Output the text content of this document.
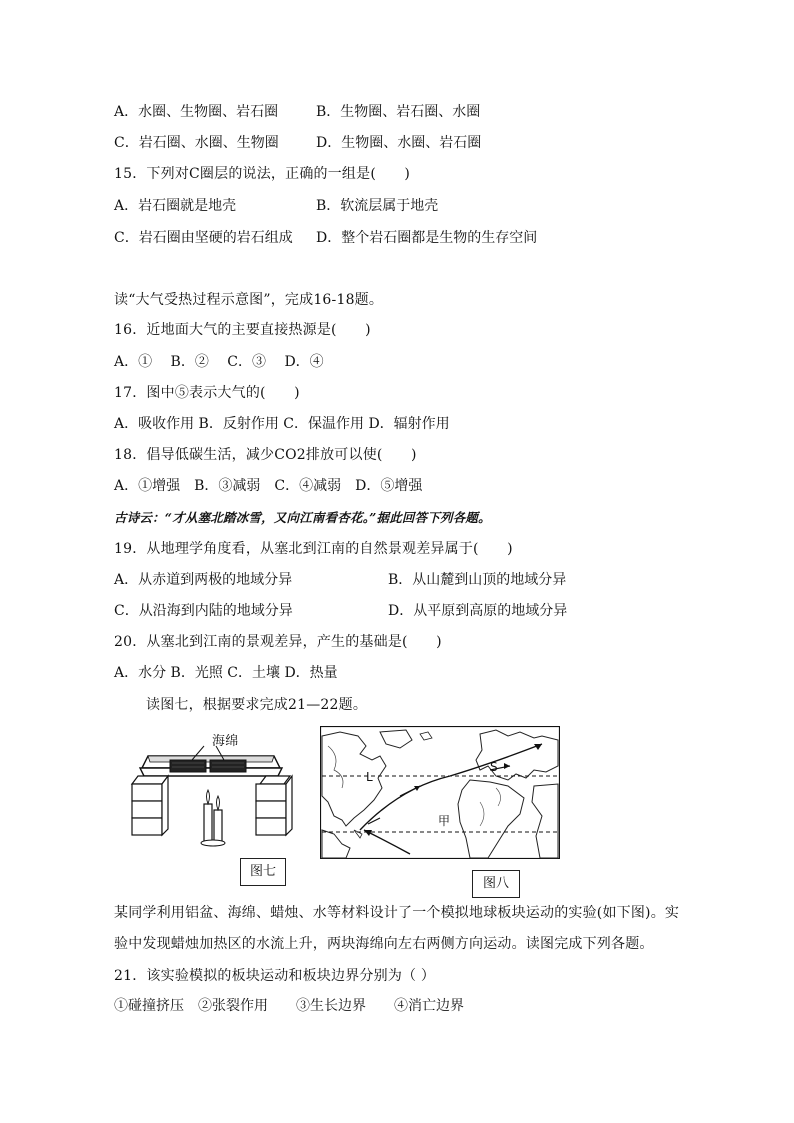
A．水圈、生物圈、岩石圈	B．生物圈、岩石圈、水圈
C．岩石圈、水圈、生物圈	D．生物圈、水圈、岩石圈
15．下列对C圈层的说法，正确的一组是(　　)
A．岩石圈就是地壳	B．软流层属于地壳
C．岩石圈由坚硬的岩石组成 D．整个岩石圈都是生物的生存空间
读“大气受热过程示意图”，完成16-18题。
16．近地面大气的主要直接热源是(　　)
A．①　 B．②　 C．③　 D．④
17．图中⑤表示大气的(　　)
A．吸收作用 B．反射作用 C．保温作用 D．辐射作用
18．倡导低碳生活，减少CO2排放可以使(　　)
A．①增强　B．③减弱　C．④减弱　D．⑤增强
古诗云：“才从塞北踏冰雪，又向江南看杏花。”据此回答下列各题。
19．从地理学角度看，从塞北到江南的自然景观差异属于(　　)
A．从赤道到两极的地域分异	B．从山麓到山顶的地域分异
C．从沿海到内陆的地域分异	D．从平原到高原的地域分异
20．从塞北到江南的景观差异，产生的基础是(　　)
A．水分 B．光照 C．土壤 D．热量
读图七，根据要求完成21—22题。
海绵
图七
L
S
甲
图八
某同学利用铝盆、海绵、蜡烛、水等材料设计了一个模拟地球板块运动的实验(如下图)。实
验中发现蜡烛加热区的水流上升，两块海绵向左右两侧方向运动。读图完成下列各题。
21．该实验模拟的板块运动和板块边界分别为（ ）
①碰撞挤压　②张裂作用　　③生长边界　　④消亡边界
